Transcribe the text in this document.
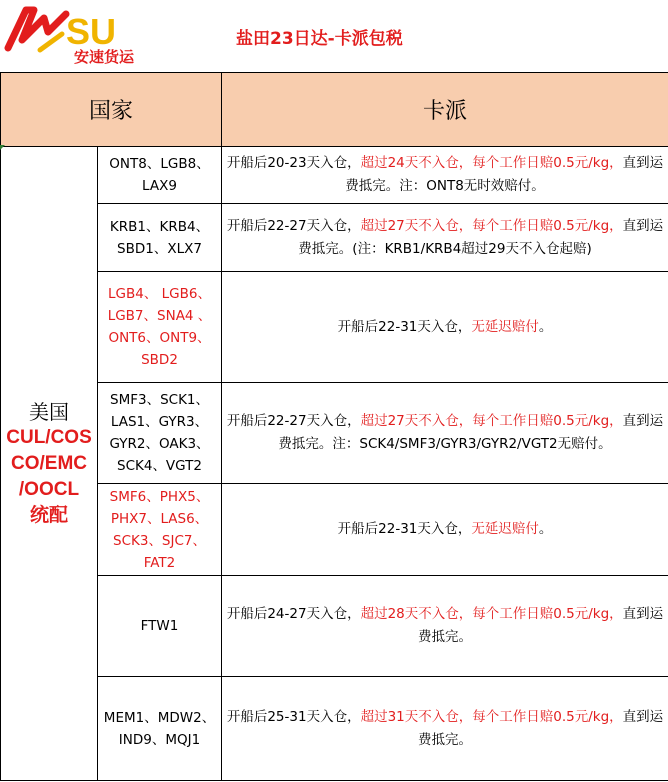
SU
安速货运
盐田23日达-卡派包税
国家		卡派

美国
CUL/COS
CO/EMC
/OOCL
统配	ONT8、LGB8、LAX9	开船后20-23天入仓，超过24天不入仓，每个工作日赔0.5元/kg，直到运费抵完。注：ONT8无时效赔付。
	KRB1、KRB4、SBD1、XLX7	开船后22-27天入仓，超过27天不入仓，每个工作日赔0.5元/kg，直到运费抵完。(注：KRB1/KRB4超过29天不入仓起赔)
	LGB4、 LGB6、LGB7、SNA4 、ONT6、ONT9、SBD2	开船后22-31天入仓，无延迟赔付。
	SMF3、SCK1、LAS1、GYR3、GYR2、OAK3、SCK4、VGT2	开船后22-27天入仓，超过27天不入仓，每个工作日赔0.5元/kg，直到运费抵完。注：SCK4/SMF3/GYR3/GYR2/VGT2无赔付。
	SMF6、PHX5、PHX7、LAS6、SCK3、SJC7、FAT2	开船后22-31天入仓，无延迟赔付。
	FTW1	开船后24-27天入仓，超过28天不入仓，每个工作日赔0.5元/kg，直到运费抵完。
	MEM1、MDW2、IND9、MQJ1	开船后25-31天入仓，超过31天不入仓，每个工作日赔0.5元/kg，直到运费抵完。
